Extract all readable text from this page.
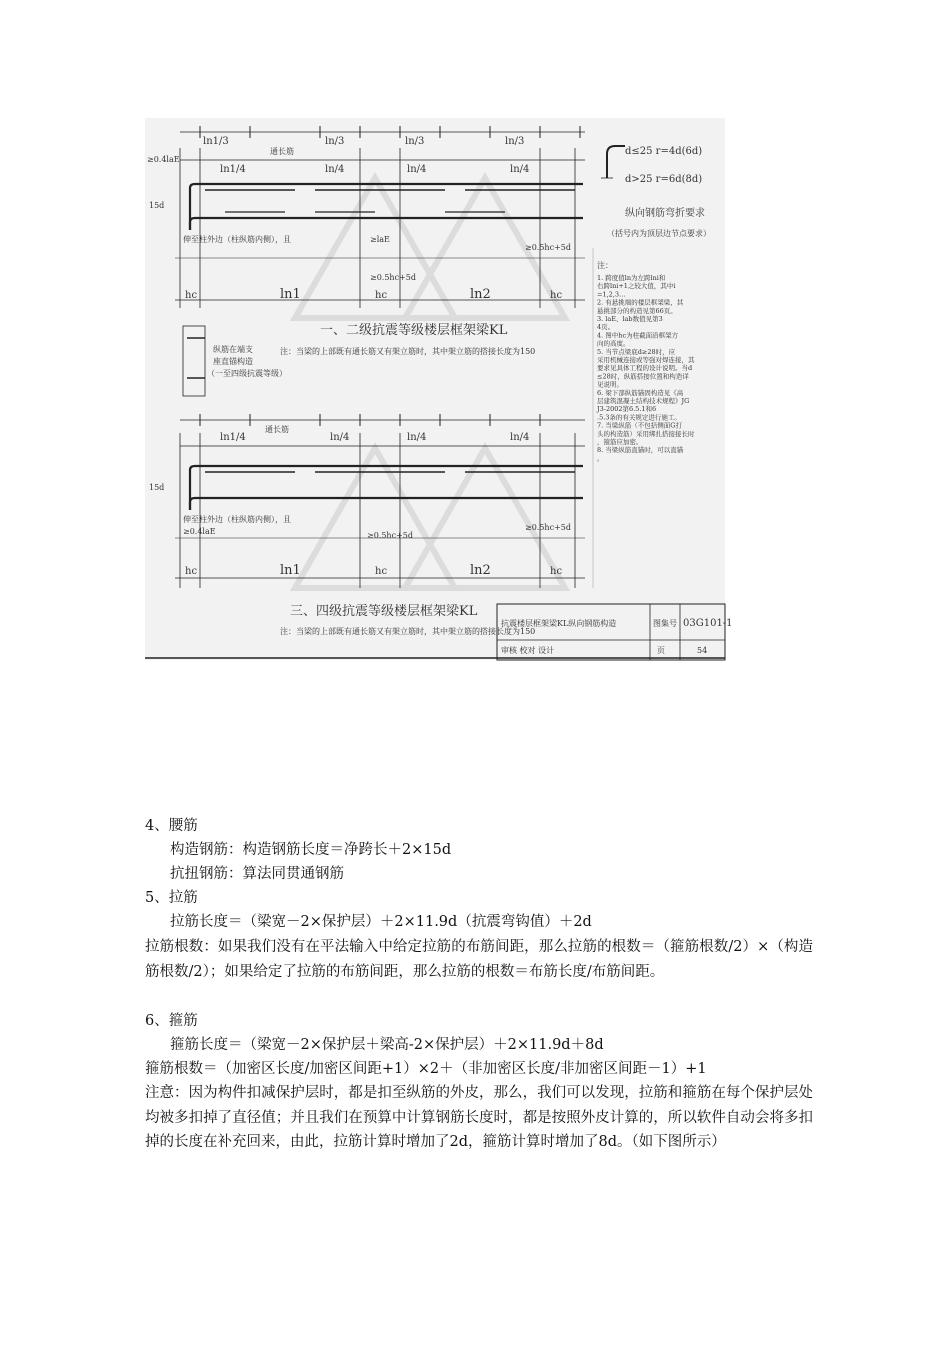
ln1/3	ln/3	ln/3	ln/3
ln1/4	ln/4	ln/4	ln/4
通长筋
≥0.4laE
15d
伸至柱外边（柱纵筋内侧），且	≥laE
≥0.5hc+5d
≥0.5hc+5d
hc	hc	hc
ln1	ln2
一、二级抗震等级楼层框架梁KL
注：当梁的上部既有通长筋又有架立筋时，其中架立筋的搭接长度为150
纵筋在端支
座直锚构造
（一至四级抗震等级）
ln1/4	ln/4	ln/4	ln/4
通长筋
15d
伸至柱外边（柱纵筋内侧），且
≥0.4laE	≥0.5hc+5d
≥0.5hc+5d
hc	hc	hc
ln1	ln2
三、四级抗震等级楼层框架梁KL
注：当梁的上部既有通长筋又有架立筋时，其中架立筋的搭接长度为150
d≤25 r=4d(6d)
d>25 r=6d(8d)
纵向钢筋弯折要求
（括号内为顶层边节点要求）
注：
1. 跨度值ln为左跨lni和
右跨lni+1之较大值，其中i
=1,2,3…
2. 有悬挑端的楼层框架梁，其
悬挑部分的构造见第66页。
3. laE、lab数值见第3
4页。
4. 图中hc为柱截面沿框架方
向的高度。
5. 当节点梁底d≥28时，应
采用机械连接或等强对焊连接，其
要求见具体工程的设计说明。当d
≤28时，纵筋搭接位置和构造详
见说明。
6. 梁下部纵筋锚固构造见《高
层建筑混凝土结构技术规程》JG
J3-2002第6.5.1和6
.5.3条的有关规定进行施工。
7. 当梁纵筋（不包括侧面G打
头的构造筋）采用绑扎搭接接长时
，箍筋应加密。
8. 当梁纵筋直锚时，可以直锚
。
抗震楼层框架梁KL纵向钢筋构造	图集号 03G101-1
审核 校对 设计	页	54
4、腰筋
构造钢筋：构造钢筋长度＝净跨长＋2×15d
抗扭钢筋：算法同贯通钢筋
5、拉筋
拉筋长度＝（梁宽－2×保护层）＋2×11.9d（抗震弯钩值）＋2d
拉筋根数：如果我们没有在平法输入中给定拉筋的布筋间距，那么拉筋的根数＝（箍筋根数/2）×（构造筋根数/2）；如果给定了拉筋的布筋间距，那么拉筋的根数＝布筋长度/布筋间距。
6、箍筋
箍筋长度＝（梁宽－2×保护层＋梁高-2×保护层）＋2×11.9d＋8d
箍筋根数＝（加密区长度/加密区间距+1）×2＋（非加密区长度/非加密区间距－1）+1
注意：因为构件扣减保护层时，都是扣至纵筋的外皮，那么，我们可以发现，拉筋和箍筋在每个保护层处均被多扣掉了直径值；并且我们在预算中计算钢筋长度时，都是按照外皮计算的，所以软件自动会将多扣掉的长度在补充回来，由此，拉筋计算时增加了2d，箍筋计算时增加了8d。（如下图所示）
